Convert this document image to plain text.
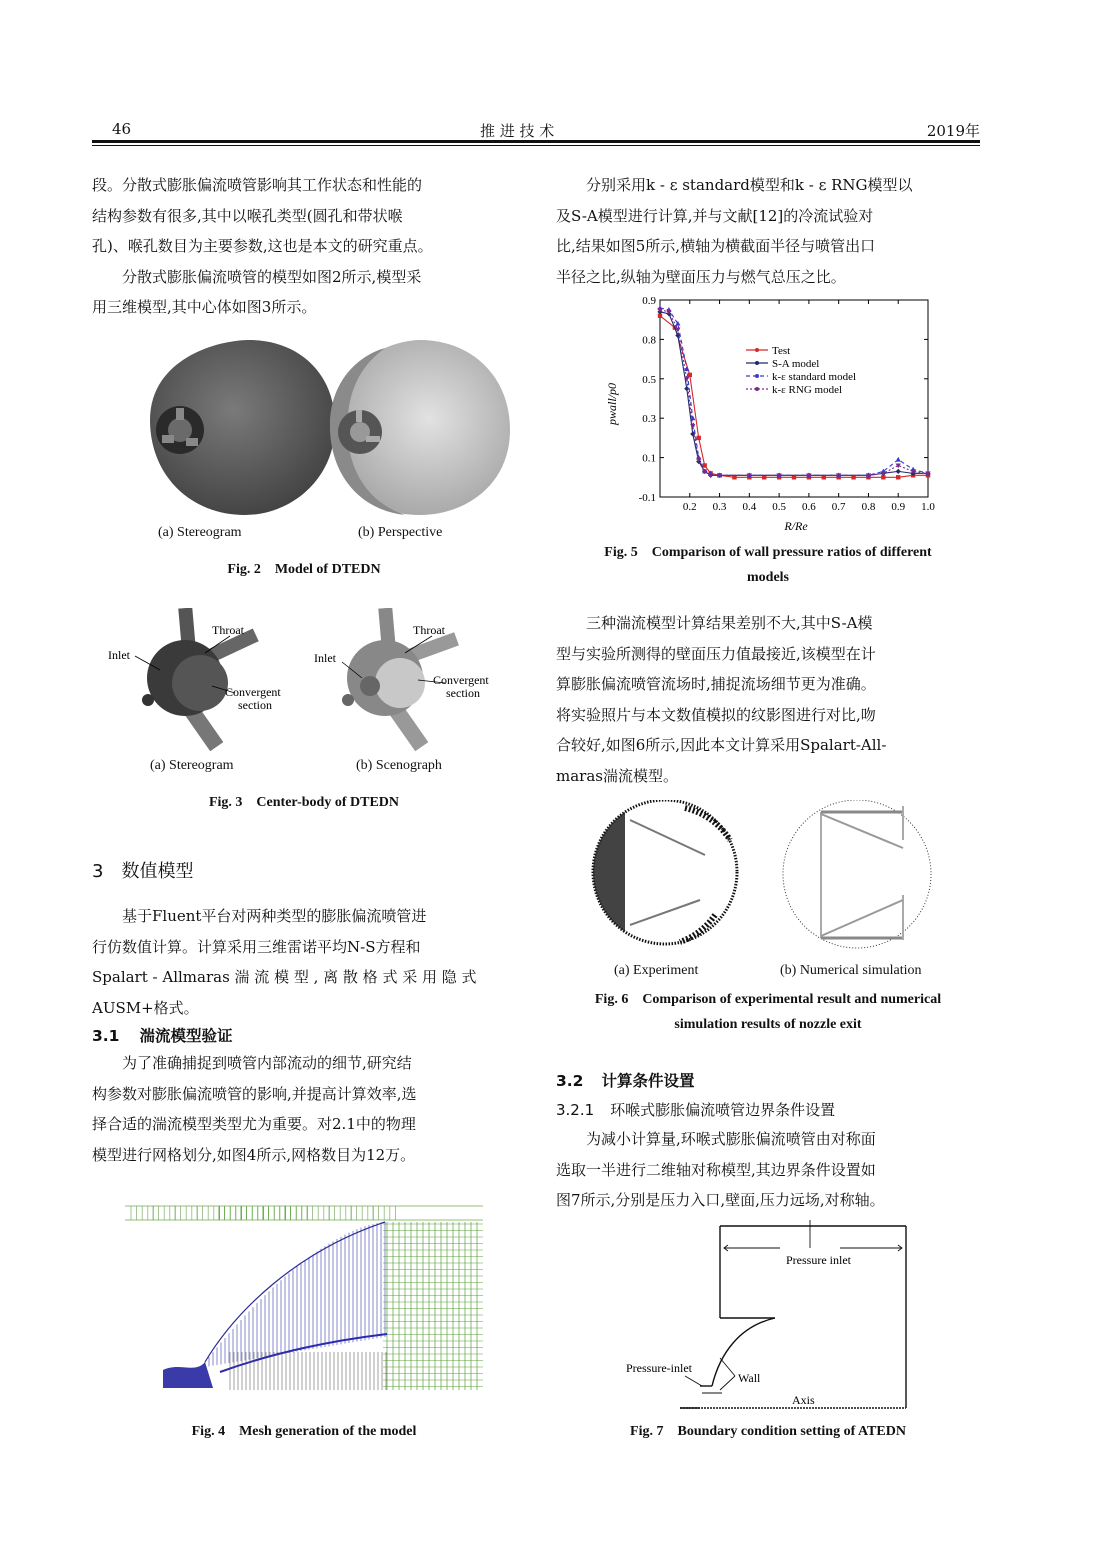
46	推 进 技 术	2019年
段。分散式膨胀偏流喷管影响其工作状态和性能的
结构参数有很多,其中以喉孔类型(圆孔和带状喉
孔)、喉孔数目为主要参数,这也是本文的研究重点。
　　分散式膨胀偏流喷管的模型如图2所示,模型采
用三维模型,其中心体如图3所示。
(a) Stereogram	(b) Perspective
Fig. 2　Model of DTEDN
Inlet
Throat
Convergent
section
Inlet
Throat
Convergent
section
(a) Stereogram	(b) Scenograph
Fig. 3　Center-body of DTEDN
3 数值模型
　　基于Fluent平台对两种类型的膨胀偏流喷管进
行仿数值计算。计算采用三维雷诺平均N-S方程和
Spalart - Allmaras 湍 流 模 型 , 离 散 格 式 采 用 隐 式
AUSM+格式。
3.1 湍流模型验证
　　为了准确捕捉到喷管内部流动的细节,研究结
构参数对膨胀偏流喷管的影响,并提高计算效率,选
择合适的湍流模型类型尤为重要。对2.1中的物理
模型进行网格划分,如图4所示,网格数目为12万。
Fig. 4　Mesh generation of the model
　　分别采用k - ε standard模型和k - ε RNG模型以
及S-A模型进行计算,并与文献[12]的冷流试验对
比,结果如图5所示,横轴为横截面半径与喷管出口
半径之比,纵轴为壁面压力与燃气总压之比。
pwall/p0
R/Re
0.2 0.3 0.4 0.5 0.6 0.7 0.8 0.9 1.0
0.9
0.8
0.5
0.3
0.1
-0.1
Test
S-A model
k-ε standard model
k-ε RNG model
Fig. 5　Comparison of wall pressure ratios of different
models
　　三种湍流模型计算结果差别不大,其中S-A模
型与实验所测得的壁面压力值最接近,该模型在计
算膨胀偏流喷管流场时,捕捉流场细节更为准确。
将实验照片与本文数值模拟的纹影图进行对比,吻
合较好,如图6所示,因此本文计算采用Spalart-All-
maras湍流模型。
(a) Experiment	(b) Numerical simulation
Fig. 6　Comparison of experimental result and numerical
simulation results of nozzle exit
3.2 计算条件设置
3.2.1 环喉式膨胀偏流喷管边界条件设置
　　为减小计算量,环喉式膨胀偏流喷管由对称面
选取一半进行二维轴对称模型,其边界条件设置如
图7所示,分别是压力入口,壁面,压力远场,对称轴。
Pressure inlet
Pressure-inlet
Wall
Axis
Fig. 7　Boundary condition setting of ATEDN
